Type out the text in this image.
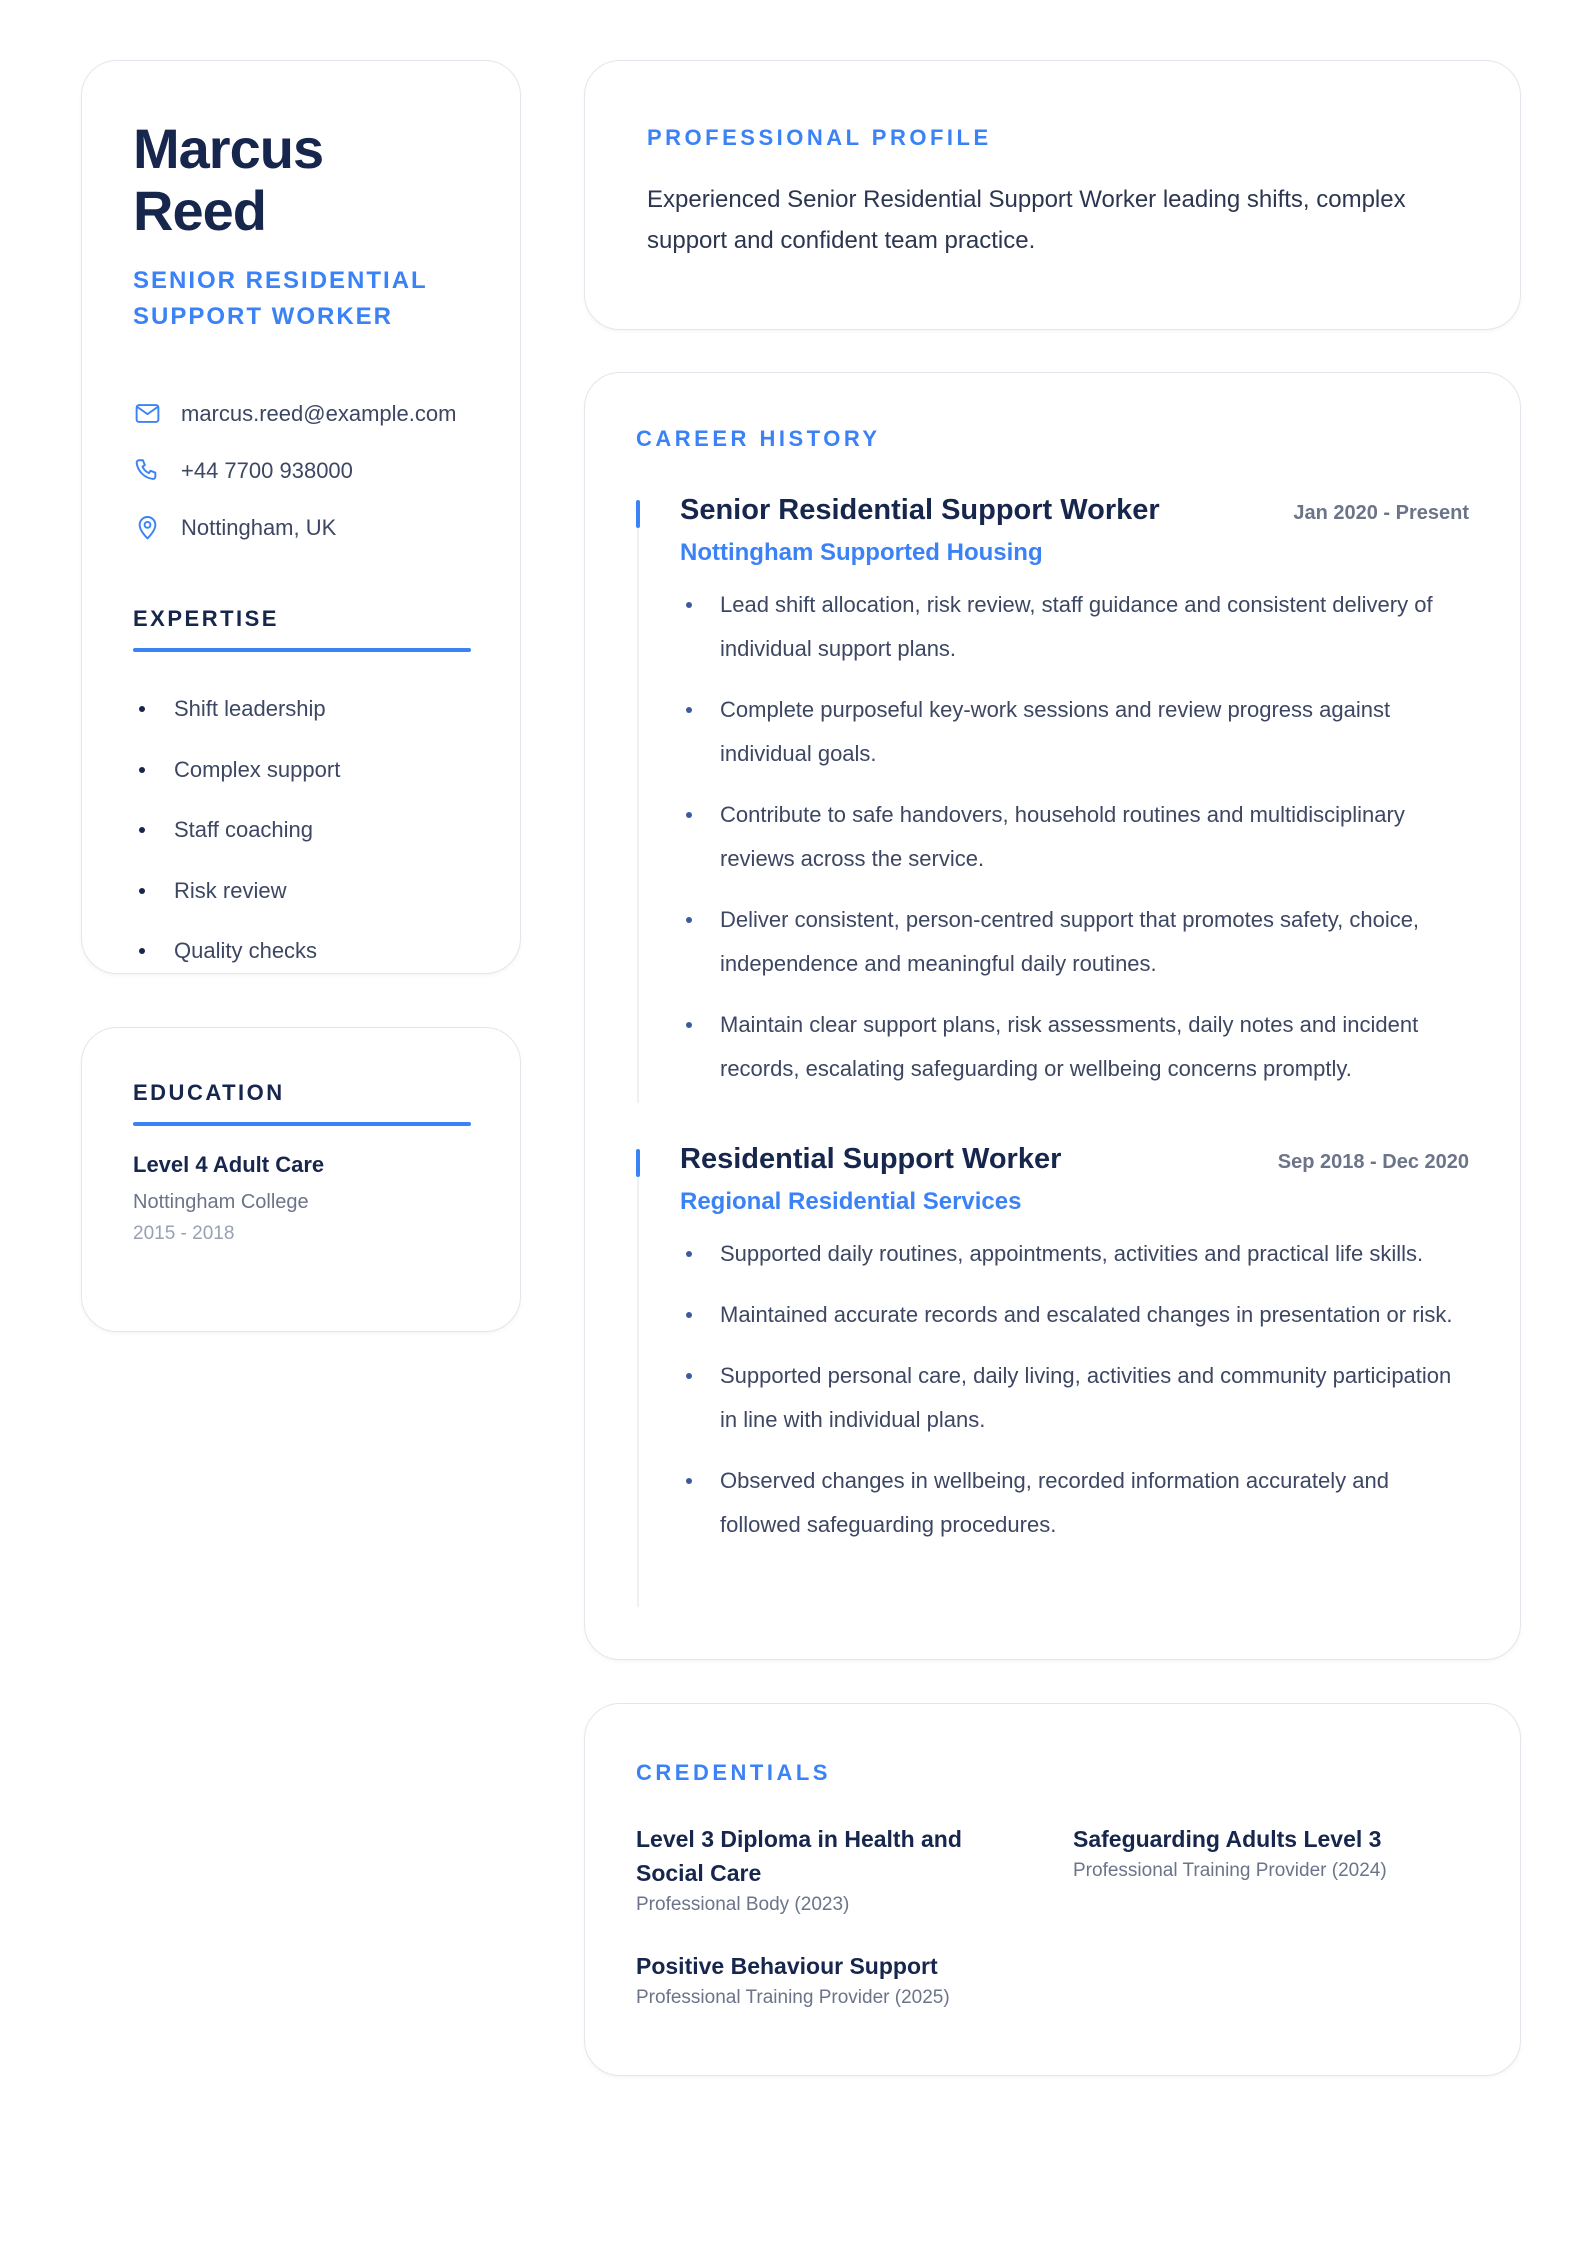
Marcus Reed
SENIOR RESIDENTIAL SUPPORT WORKER
marcus.reed@example.com
+44 7700 938000
Nottingham, UK
EXPERTISE
Shift leadership
Complex support
Staff coaching
Risk review
Quality checks
EDUCATION
Level 4 Adult Care
Nottingham College
2015 - 2018
PROFESSIONAL PROFILE

Experienced Senior Residential Support Worker leading shifts, complex support and confident team practice.

CAREER HISTORY
Senior Residential Support Worker	Jan 2020 - Present
Nottingham Supported Housing
Lead shift allocation, risk review, staff guidance and consistent delivery of individual support plans.
Complete purposeful key-work sessions and review progress against individual goals.
Contribute to safe handovers, household routines and multidisciplinary reviews across the service.
Deliver consistent, person-centred support that promotes safety, choice, independence and meaningful daily routines.
Maintain clear support plans, risk assessments, daily notes and incident records, escalating safeguarding or wellbeing concerns promptly.
Residential Support Worker	Sep 2018 - Dec 2020
Regional Residential Services
Supported daily routines, appointments, activities and practical life skills.
Maintained accurate records and escalated changes in presentation or risk.
Supported personal care, daily living, activities and community participation in line with individual plans.
Observed changes in wellbeing, recorded information accurately and followed safeguarding procedures.
CREDENTIALS
Level 3 Diploma in Health and Social Care
Professional Body (2023)
Safeguarding Adults Level 3
Professional Training Provider (2024)
Positive Behaviour Support
Professional Training Provider (2025)
